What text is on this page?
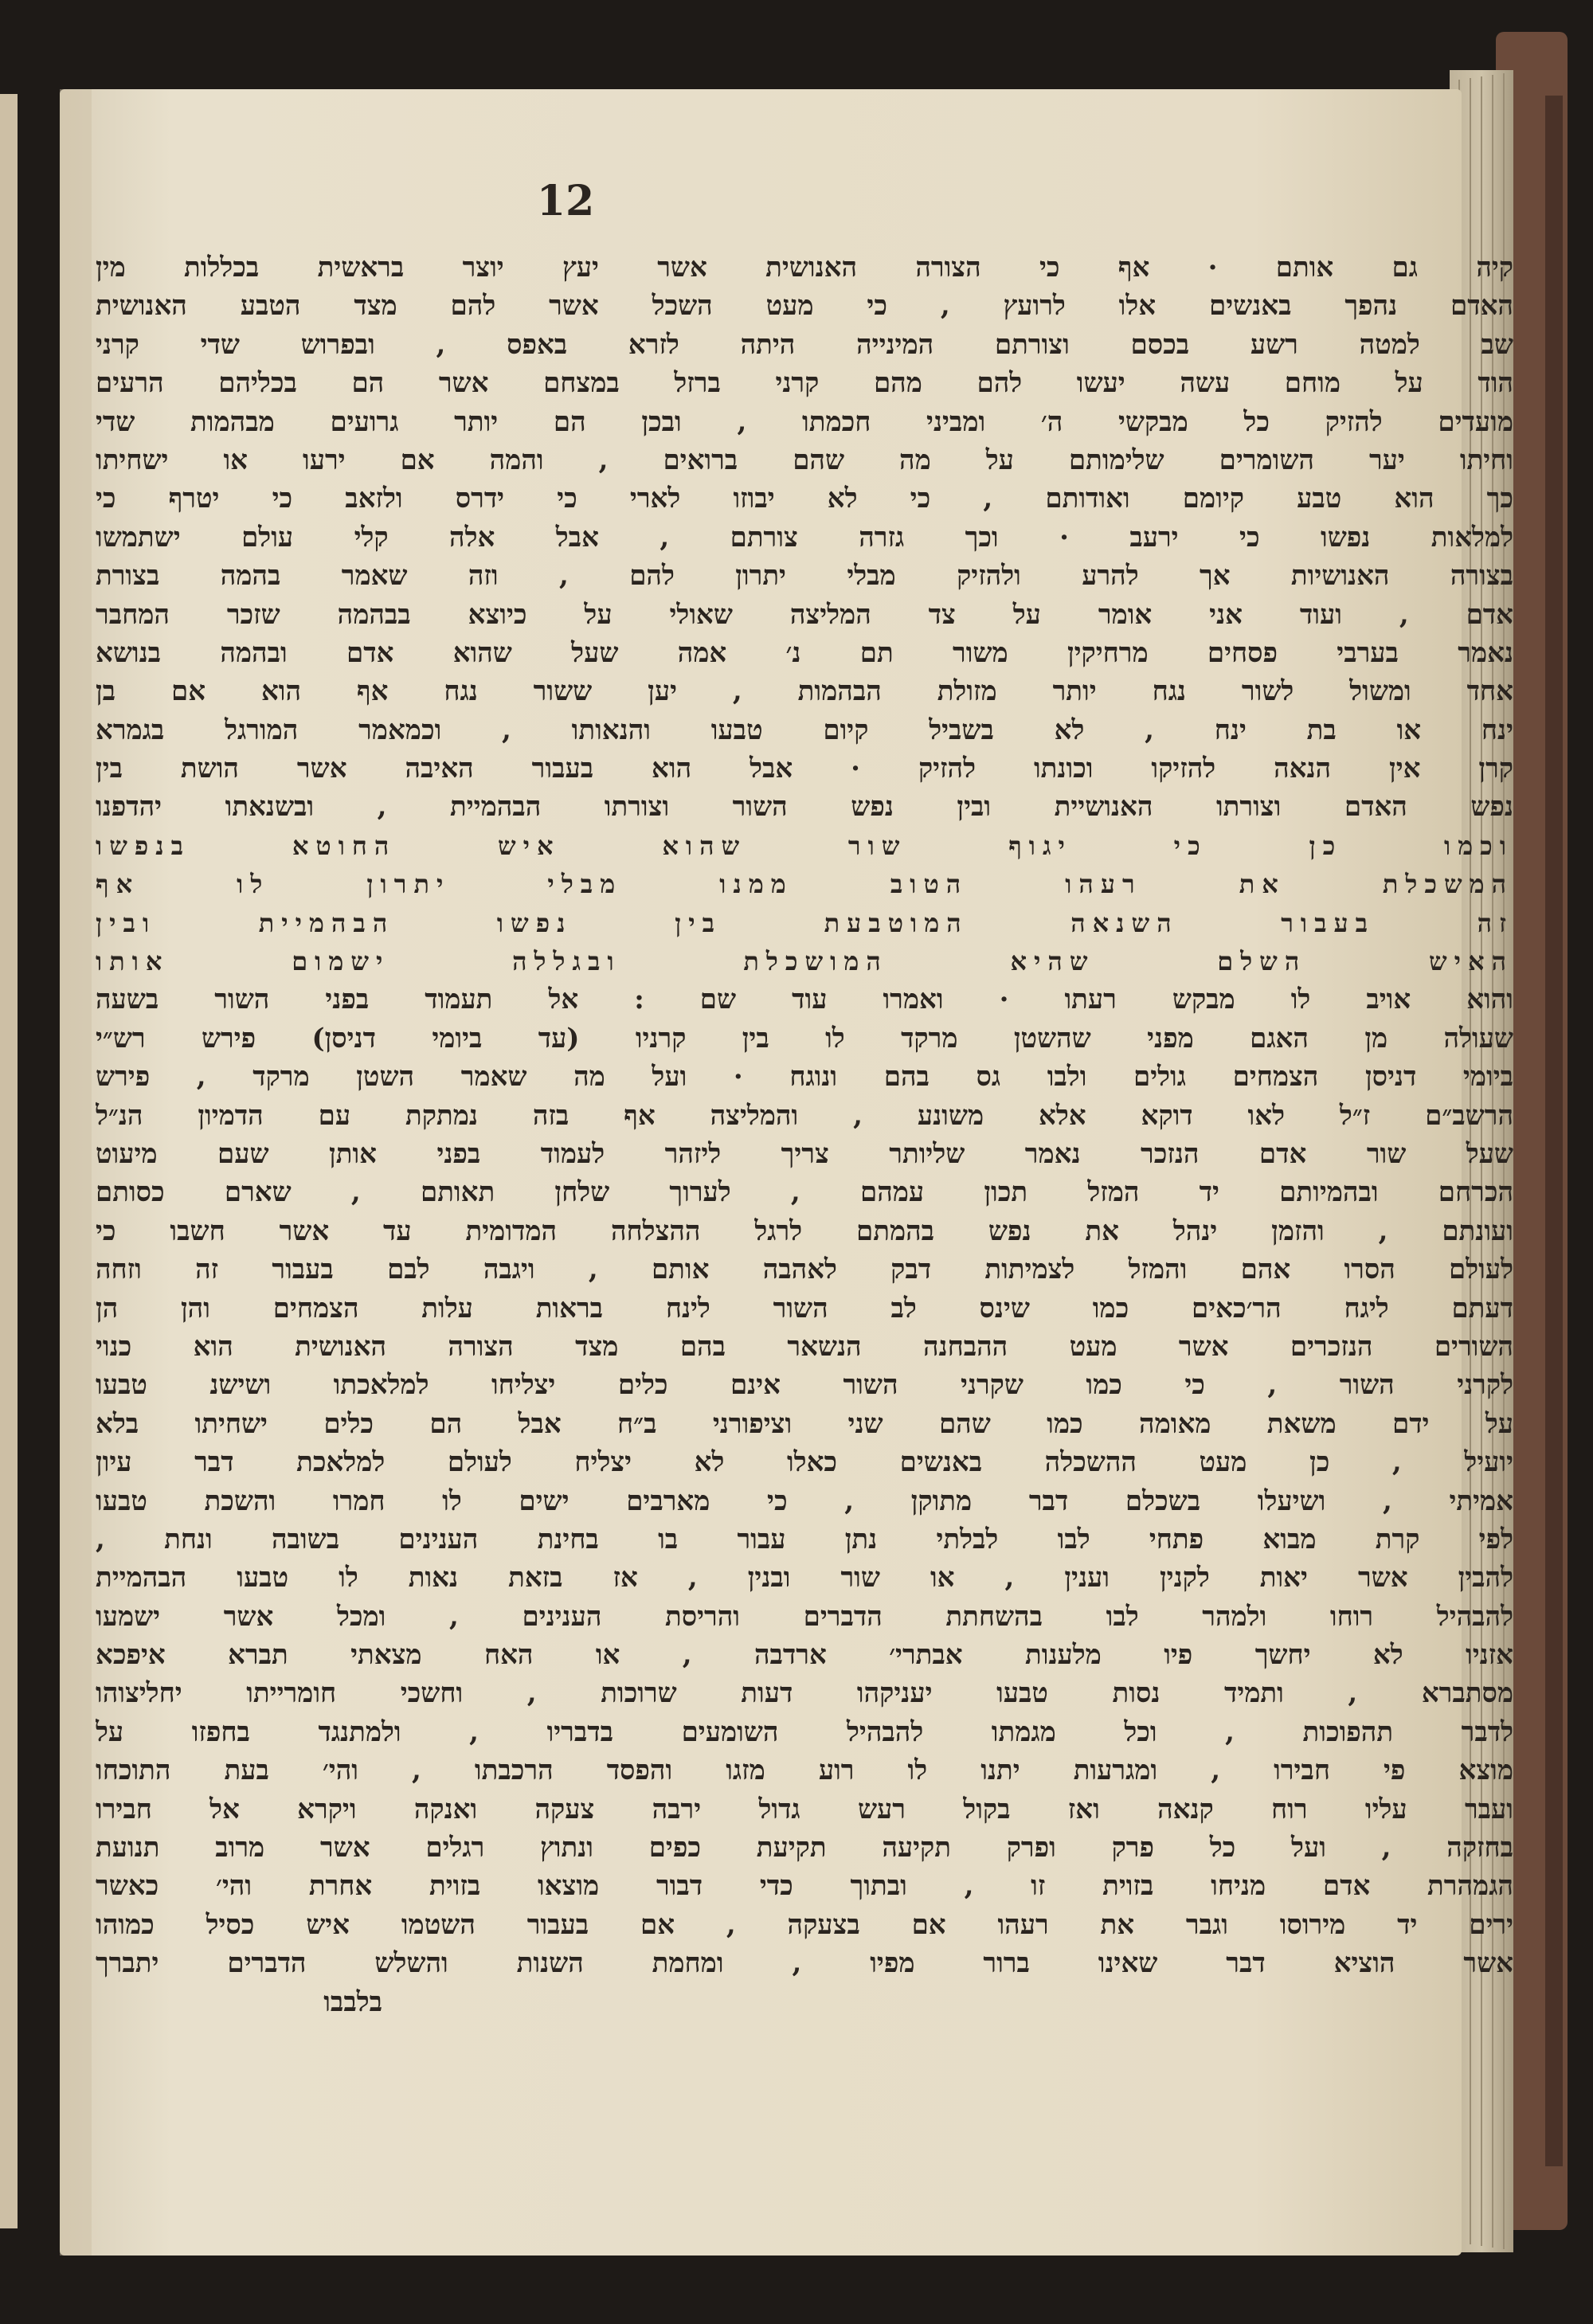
12
קיה גם אותם · אף כי הצורה האנושית אשר יעץ יוצר בראשית בכללות מין
האדם נהפך באנשים אלו לרועץ , כי מעט השכל אשר להם מצד הטבע האנושית
שב למטה רשע בכסם וצורתם המינייה היתה לזרא באפס , ובפרוש שדי קרני
הוד על מוחם עשה יעשו להם מהם קרני ברזל במצחם אשר הם בכליהם הרעים
מועדים להזיק כל מבקשי ה׳ ומביני חכמתו , ובכן הם יותר גרועים מבהמות שדי
וחיתו יער השומרים שלימותם על מה שהם ברואים , והמה אם ירעו או ישחיתו
כך הוא טבע קיומם ואודותם , כי לא יבוזו לארי כי ידרס ולזאב כי יטרף כי
למלאות נפשו כי ירעב · וכך גזרה צורתם , אבל אלה קלי עולם ישתמשו
בצורה האנושיות אך להרע ולהזיק מבלי יתרון להם , וזה שאמר בהמה בצורת
אדם , ועוד אני אומר על צד המליצה שאולי על כיוצא בבהמה שזכר המחבר
נאמר בערבי פסחים מרחיקין משור תם נ׳ אמה שעל שהוא אדם ובהמה בנושא
אחד ומשול לשור נגח יותר מזולת הבהמות , יען ששור נגח אף הוא אם בן
ינח או בת ינח , לא בשביל קיום טבעו והנאותו , וכמאמר המורגל בגמרא
קרן אין הנאה להזיקו וכונתו להזיק · אבל הוא בעבור האיבה אשר הושת בין
נפש האדם וצורתו האנושיית ובין נפש השור וצורתו הבהמיית , ובשנאתו יהדפנו
וכמו כן כי יגוף שור שהוא איש החוטא בנפשו
המשכלת את רעהו הטוב ממנו מבלי יתרון לו אף
זה בעבור השנאה המוטבעת בין נפשו הבהמיית ובין
האיש השלם שהיא המושכלת ובגללה ישמום אותו
והוא אויב לו מבקש רעתו · ואמרו עוד שם : אל תעמוד בפני השור בשעה
שעולה מן האגם מפני שהשטן מרקד לו בין קרניו (עד ביומי דניסן) פירש רש״י
ביומי דניסן הצמחים גולים ולבו גס בהם ונוגח · ועל מה שאמר השטן מרקד , פירש
הרשב״ם ז״ל לאו דוקא אלא משונע , והמליצה אף בזה נמתקת עם הדמיון הנ״ל
שעל שור אדם הנזכר נאמר שליותר צריך ליזהר לעמוד בפני אותן שעם מיעוט
הכרחם ובהמיותם יד המזל תכון עמהם , לערוך שלחן תאותם , שארם כסותם
ועונתם , והזמן ינהל את נפש בהמתם לרגל ההצלחה המדומית עד אשר חשבו כי
לעולם הסרו אהם והמזל לצמיתות דבק לאהבה אותם , ויגבה לבם בעבור זה וזחה
דעתם ליגח הר׳כאים כמו שינס לב השור לינח בראות עלות הצמחים והן הן
השורים הנזכרים אשר מעט ההבחנה הנשאר בהם מצד הצורה האנושית הוא כנוי
לקרני השור , כי כמו שקרני השור אינם כלים יצליחו למלאכתו ושישנ טבעו
על ידם משאת מאומה כמו שהם שני וציפורני ב״ח אבל הם כלים ישחיתו בלא
יועיל , כן מעט ההשכלה באנשים כאלו לא יצליח לעולם למלאכת דבר עיון
אמיתי , ושיעלו בשכלם דבר מתוקן , כי מארבים ישים לו חמרו והשכת טבעו
לפי קרת מבוא פתחי לבו לבלתי נתן עבור בו בחינת הענינים בשובה ונחת ,
להבין אשר יאות לקנין וענין , או שור ובנין , אז בזאת נאות לו טבעו הבהמיית
להבהיל רוחו ולמהר לבו בהשחתת הדברים והריסת הענינים , ומכל אשר ישמעו
אזניו לא יחשך פיו מלענות אבתרי׳ ארדבה , או האח מצאתי תברא איפכא
מסתברא , ותמיד נסות טבעו יעניקהו דעות שרוכות , וחשכי חומרייתו יחליצוהו
לדבר תהפוכות , וכל מגמתו להבהיל השומעים בדבריו , ולמתנגד בחפזו על
מוצא פי חבירו , ומגרעות יתנו לו רוע מזגו והפסד הרכבתו , והי׳ בעת התוכחו
ועבר עליו רוח קנאה ואז בקול רעש גדול ירבה צעקה ואנקה ויקרא אל חבירו
בחזקה , ועל כל פרק ופרק תקיעה תקיעת כפים ונתוץ רגלים אשר מרוב תנועת
הגמהרת אדם מניחו בזוית זו , ובתוך כדי דבור מוצאו בזוית אחרת והי׳ כאשר
ירים יד מירוסו וגבר את רעהו אם בצעקה , אם בעבור השטמו איש כסיל כמוהו
אשר הוציא דבר שאינו ברור מפיו , ומחמת השנות והשלש הדברים יתברך
בלבבו
